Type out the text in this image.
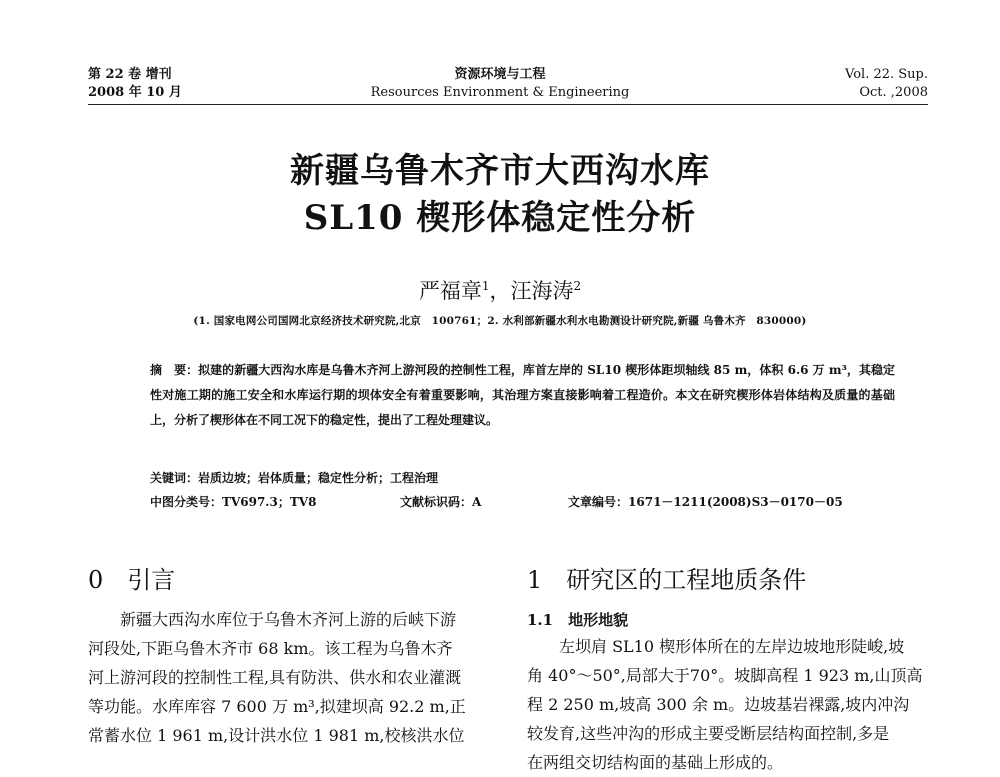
第 22 卷 增刊
2008 年 10 月
资源环境与工程
Resources Environment & Engineering
Vol. 22. Sup.
Oct. ,2008
新疆乌鲁木齐市大西沟水库
SL10 楔形体稳定性分析
严福章$^1$，汪海涛$^2$
(1. 国家电网公司国网北京经济技术研究院,北京　100761；2. 水利部新疆水利水电勘测设计研究院,新疆 乌鲁木齐　830000)
摘　要：拟建的新疆大西沟水库是乌鲁木齐河上游河段的控制性工程，库首左岸的 SL10 楔形体距坝轴线 85 m，体积 6.6 万 m³，其稳定性对施工期的施工安全和水库运行期的坝体安全有着重要影响，其治理方案直接影响着工程造价。本文在研究楔形体岩体结构及质量的基础上，分析了楔形体在不同工况下的稳定性，提出了工程处理建议。
关键词：岩质边坡；岩体质量；稳定性分析；工程治理
中图分类号：TV697.3；TV8	文献标识码：A	文章编号：1671－1211(2008)S3－0170－05
0　引言
新疆大西沟水库位于乌鲁木齐河上游的后峡下游
河段处,下距乌鲁木齐市 68 km。该工程为乌鲁木齐
河上游河段的控制性工程,具有防洪、供水和农业灌溉
等功能。水库库容 7 600 万 m³,拟建坝高 92.2 m,正
常蓄水位 1 961 m,设计洪水位 1 981 m,校核洪水位
1　研究区的工程地质条件
1.1　地形地貌
左坝肩 SL10 楔形体所在的左岸边坡地形陡峻,坡
角 40°～50°,局部大于70°。坡脚高程 1 923 m,山顶高
程 2 250 m,坡高 300 余 m。边坡基岩裸露,坡内冲沟
较发育,这些冲沟的形成主要受断层结构面控制,多是
在两组交切结构面的基础上形成的。
